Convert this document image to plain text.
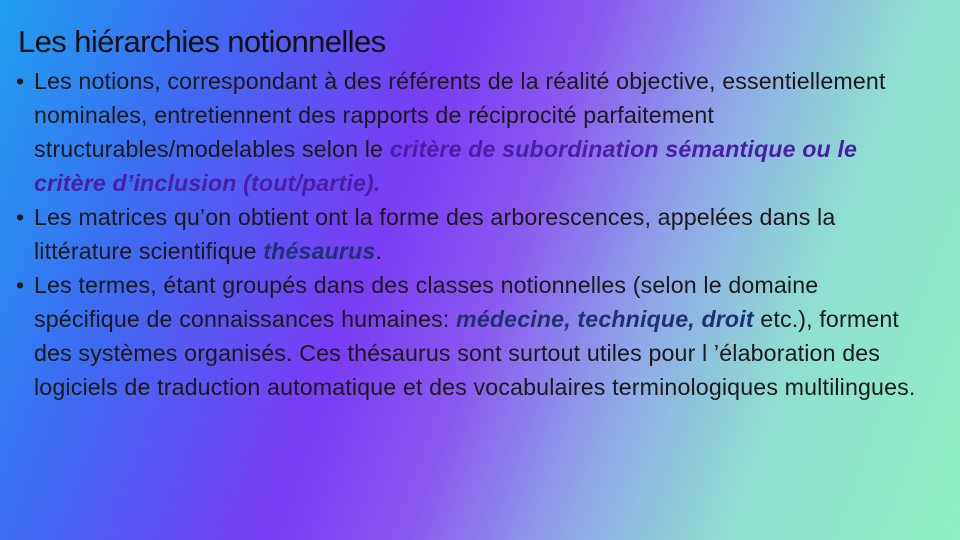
Les hiérarchies notionnelles
• Les notions, correspondant à des référents de la réalité objective, essentiellement nominales, entretiennent des rapports de réciprocité parfaitement structurables/modelables selon le critère de subordination sémantique ou le critère d’inclusion (tout/partie).
• Les matrices qu’on obtient ont la forme des arborescences, appelées dans la littérature scientifique thésaurus.
• Les termes, étant groupés dans des classes notionnelles (selon le domaine spécifique de connaissances humaines: médecine, technique, droit etc.), forment des systèmes organisés. Ces thésaurus sont surtout utiles pour l ’élaboration des logiciels de traduction automatique et des vocabulaires terminologiques multilingues.
